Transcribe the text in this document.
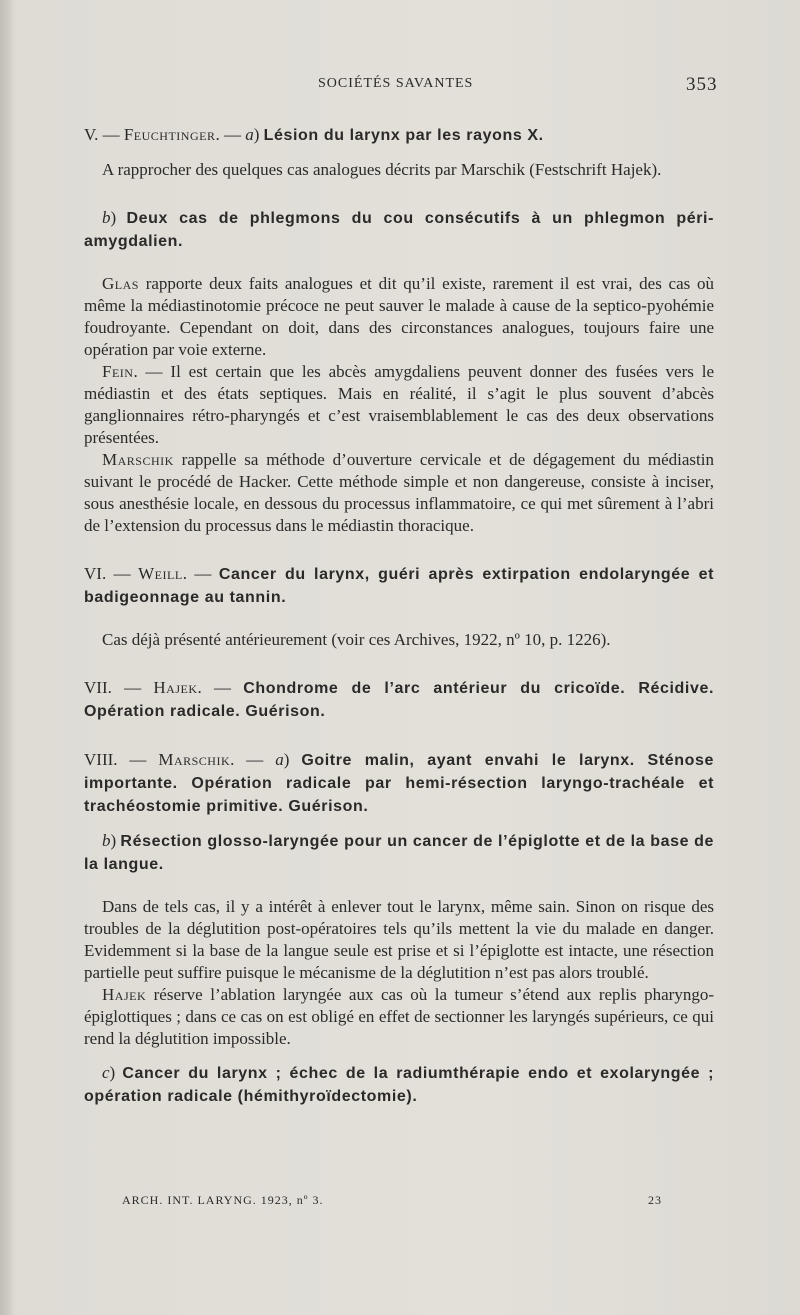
SOCIÉTÉS SAVANTES	353

V. — Feuchtinger. — a) Lésion du larynx par les rayons X.

A rapprocher des quelques cas analogues décrits par Marschik (Festschrift Hajek).

b) Deux cas de phlegmons du cou consécutifs à un phlegmon péri-amygdalien.

Glas rapporte deux faits analogues et dit qu’il existe, rarement il est vrai, des cas où même la médiastinotomie précoce ne peut sauver le malade à cause de la septico-pyohémie foudroyante. Cependant on doit, dans des circonstances analogues, toujours faire une opération par voie externe.

Fein. — Il est certain que les abcès amygdaliens peuvent donner des fusées vers le médiastin et des états septiques. Mais en réalité, il s’agit le plus souvent d’abcès ganglionnaires rétro-pharyngés et c’est vraisemblablement le cas des deux observations présentées.

Marschik rappelle sa méthode d’ouverture cervicale et de dégagement du médiastin suivant le procédé de Hacker. Cette méthode simple et non dangereuse, consiste à inciser, sous anesthésie locale, en dessous du processus inflammatoire, ce qui met sûrement à l’abri de l’extension du processus dans le médiastin thoracique.

VI. — Weill. — Cancer du larynx, guéri après extirpation endolaryngée et badigeonnage au tannin.

Cas déjà présenté antérieurement (voir ces Archives, 1922, nº 10, p. 1226).

VII. — Hajek. — Chondrome de l’arc antérieur du cricoïde. Récidive. Opération radicale. Guérison.

VIII. — Marschik. — a) Goitre malin, ayant envahi le larynx. Sténose importante. Opération radicale par hemi-résection laryngo-trachéale et trachéostomie primitive. Guérison.

b) Résection glosso-laryngée pour un cancer de l’épiglotte et de la base de la langue.

Dans de tels cas, il y a intérêt à enlever tout le larynx, même sain. Sinon on risque des troubles de la déglutition post-opératoires tels qu’ils mettent la vie du malade en danger. Evidemment si la base de la langue seule est prise et si l’épiglotte est intacte, une résection partielle peut suffire puisque le mécanisme de la déglutition n’est pas alors troublé.

Hajek réserve l’ablation laryngée aux cas où la tumeur s’étend aux replis pharyngo-épiglottiques ; dans ce cas on est obligé en effet de sectionner les laryngés supérieurs, ce qui rend la déglutition impossible.

c) Cancer du larynx ; échec de la radiumthérapie endo et exolaryngée ; opération radicale (hémithyroïdectomie).

ARCH. INT. LARYNG. 1923, nº 3.	23
